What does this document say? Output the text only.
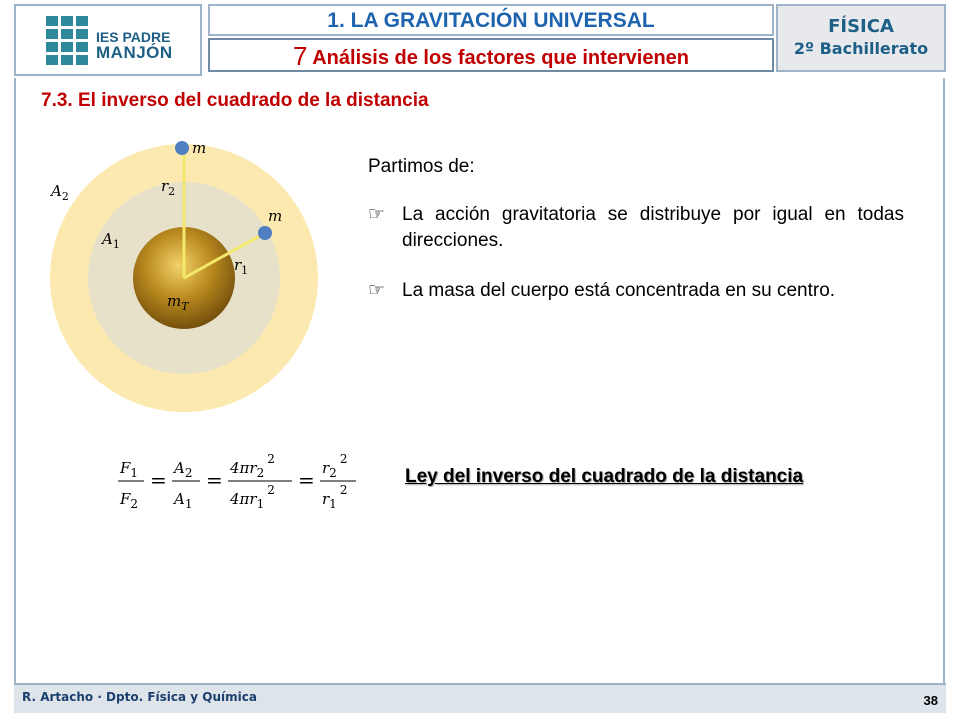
IES PADRE
MANJÓN
1. LA GRAVITACIÓN UNIVERSAL
7 Análisis de los factores que intervienen
FÍSICA
2º Bachillerato
7.3. El inverso del cuadrado de la distancia
m
m
$r_2$
$r_1$
$A_2$
$A_1$
$m_T$
Partimos de:
☞ La acción gravitatoria se distribuye por igual en todas direcciones.
☞ La masa del cuerpo está concentrada en su centro.
$F_1$
$F_2$
= $A_2$
$A_1$
= $4\pi r_2^2$
$4\pi r_1^2 = r_2^2$
$r_1^2$
Ley del inverso del cuadrado de la distancia
R. Artacho · Dpto. Física y Química	38
